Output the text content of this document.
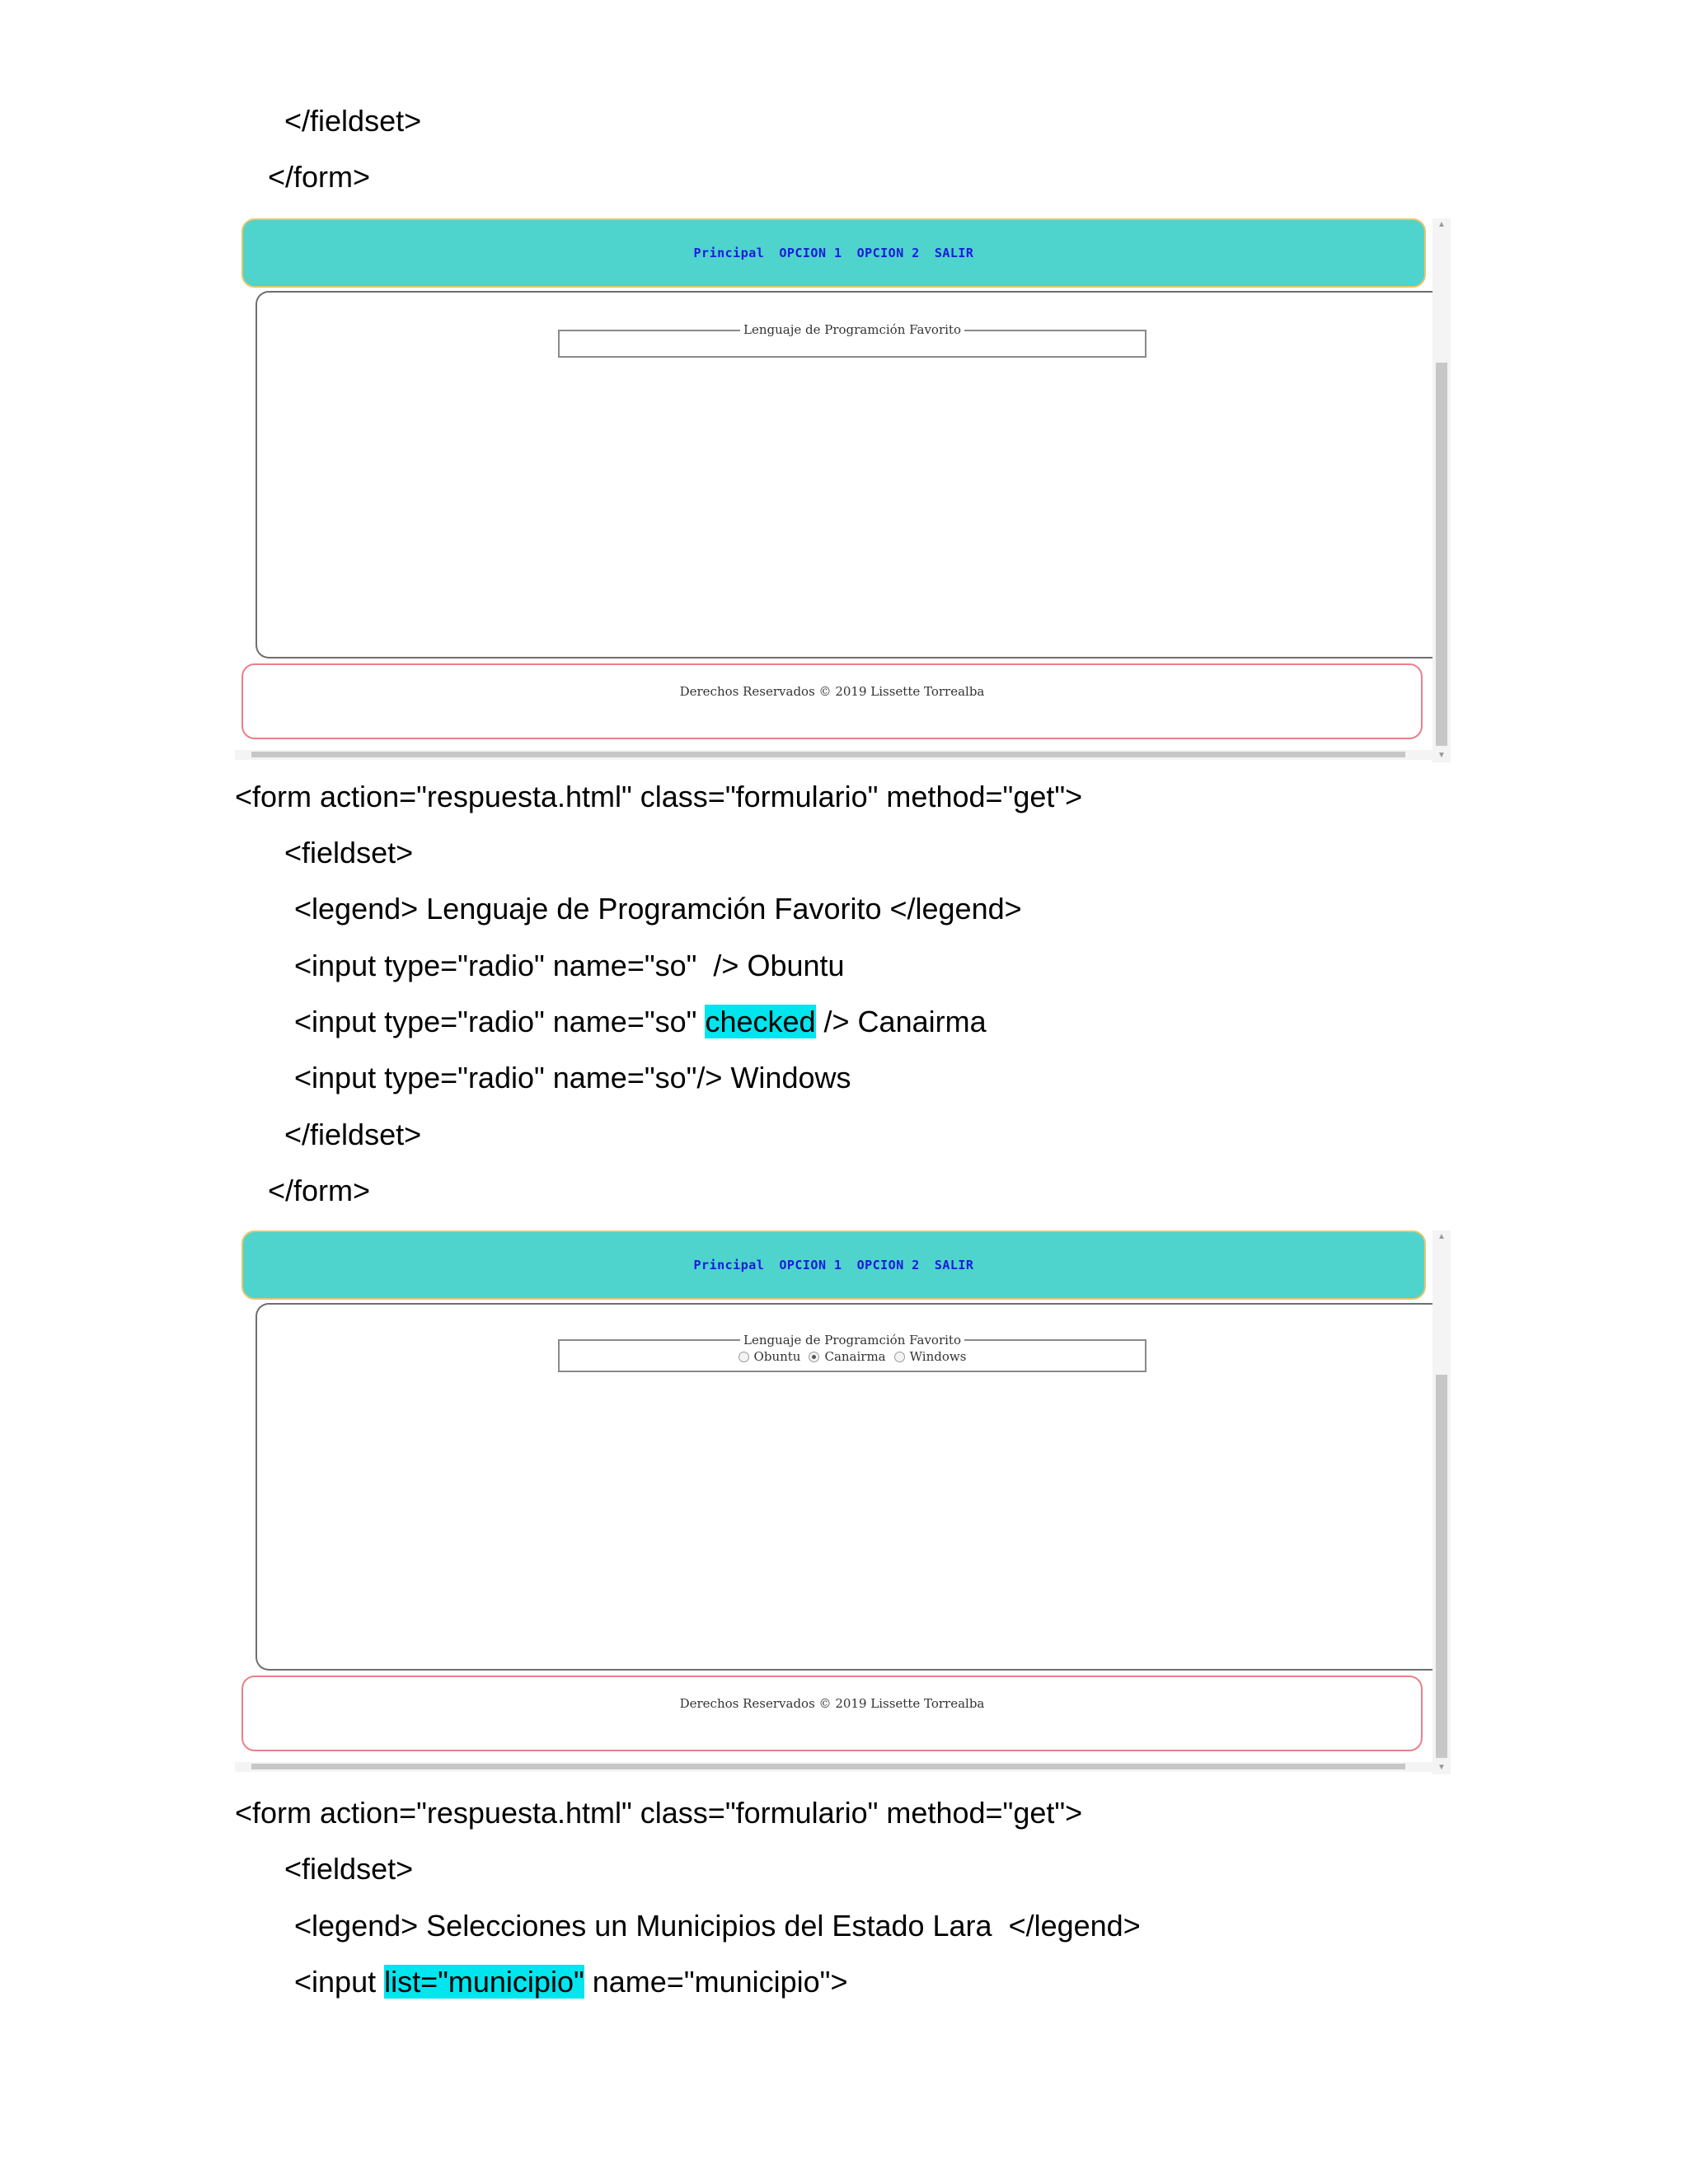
</fieldset>
</form>
Principal OPCION 1 OPCION 2 SALIR
Lenguaje de Programción Favorito
Derechos Reservados © 2019 Lissette Torrealba
▲
▼
<form action="respuesta.html" class="formulario" method="get">
<fieldset>
<legend> Lenguaje de Programción Favorito </legend>
<input type="radio" name="so"  /> Obuntu
<input type="radio" name="so" checked /> Canairma
<input type="radio" name="so"/> Windows
</fieldset>
</form>
Principal OPCION 1 OPCION 2 SALIR
Lenguaje de Programción Favorito
Obuntu Canairma Windows
Derechos Reservados © 2019 Lissette Torrealba
▲
▼
<form action="respuesta.html" class="formulario" method="get">
<fieldset>
<legend> Selecciones un Municipios del Estado Lara  </legend>
<input list="municipio" name="municipio">
